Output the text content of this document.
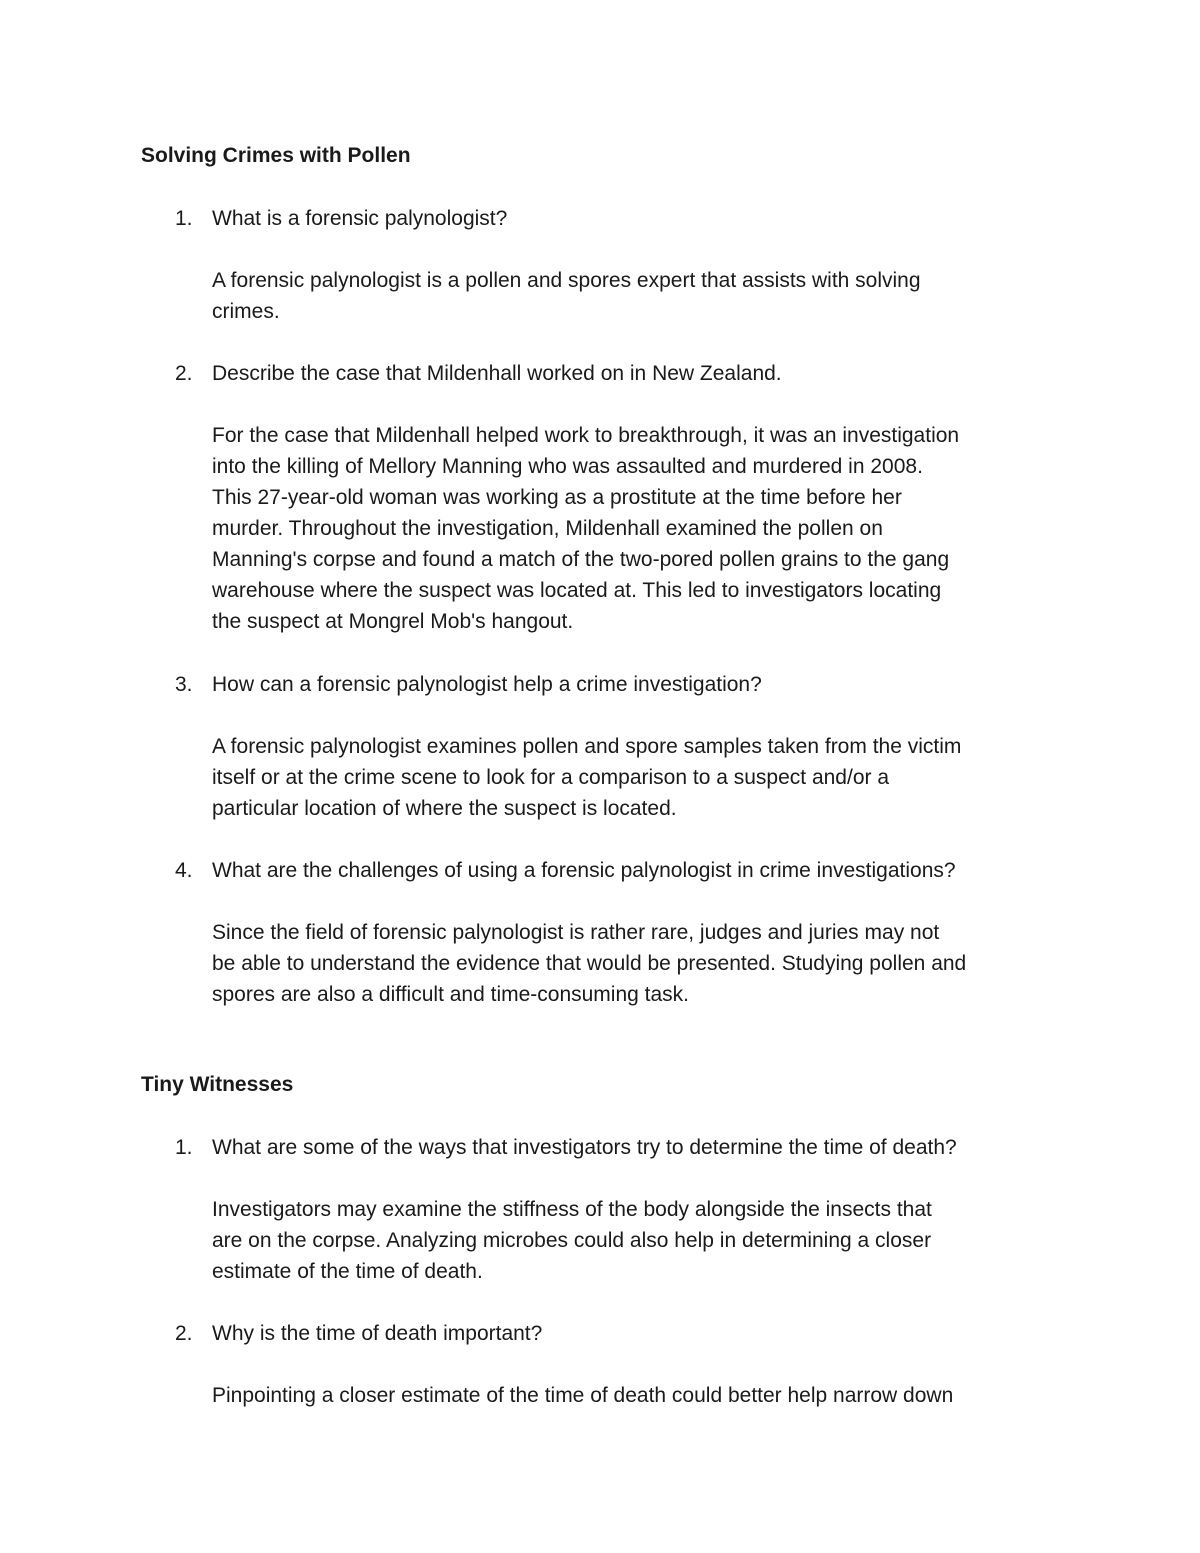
Solving Crimes with Pollen
1. What is a forensic palynologist?

A forensic palynologist is a pollen and spores expert that assists with solving
crimes.
2. Describe the case that Mildenhall worked on in New Zealand.

For the case that Mildenhall helped work to breakthrough, it was an investigation
into the killing of Mellory Manning who was assaulted and murdered in 2008.
This 27-year-old woman was working as a prostitute at the time before her
murder. Throughout the investigation, Mildenhall examined the pollen on
Manning's corpse and found a match of the two-pored pollen grains to the gang
warehouse where the suspect was located at. This led to investigators locating
the suspect at Mongrel Mob's hangout.
3. How can a forensic palynologist help a crime investigation?

A forensic palynologist examines pollen and spore samples taken from the victim
itself or at the crime scene to look for a comparison to a suspect and/or a
particular location of where the suspect is located.
4. What are the challenges of using a forensic palynologist in crime investigations?

Since the field of forensic palynologist is rather rare, judges and juries may not
be able to understand the evidence that would be presented. Studying pollen and
spores are also a difficult and time-consuming task.
Tiny Witnesses
1. What are some of the ways that investigators try to determine the time of death?

Investigators may examine the stiffness of the body alongside the insects that
are on the corpse. Analyzing microbes could also help in determining a closer
estimate of the time of death.
2. Why is the time of death important?

Pinpointing a closer estimate of the time of death could better help narrow down
